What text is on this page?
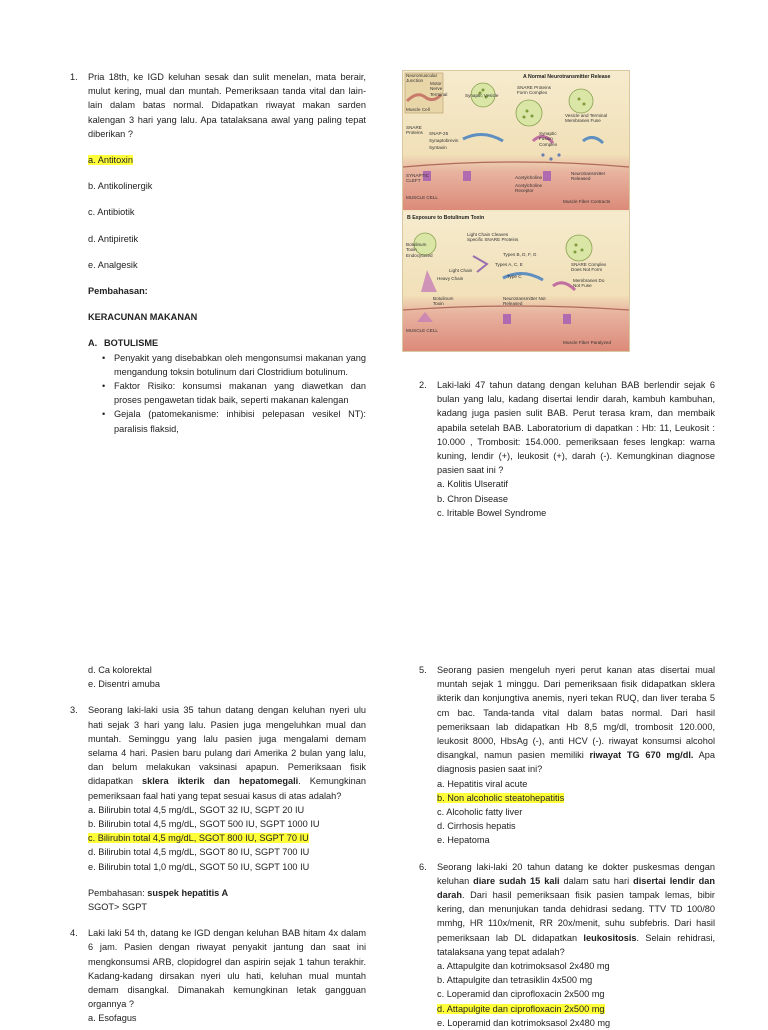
1.	Pria 18th, ke IGD keluhan sesak dan sulit menelan, mata berair, mulut kering, mual dan muntah. Pemeriksaan tanda vital dan lain-lain dalam batas normal. Didapatkan riwayat makan sarden kalengan 3 hari yang lalu. Apa tatalaksana awal yang paling tepat diberikan ?

a. Antitoxin

b. Antikolinergik

c. Antibiotik

d. Antipiretik

e. Analgesik

Pembahasan:

KERACUNAN MAKANAN

A. BOTULISME

• Penyakit yang disebabkan oleh mengonsumsi makanan yang mengandung toksin botulinum dari Clostridium botulinum.
• Faktor Risiko: konsumsi makanan yang diawetkan dan proses pengawetan tidak baik, seperti makanan kalengan
• Gejala (patomekanisme: inhibisi pelepasan vesikel NT): paralisis flaksid,
A Normal Neurotransmitter Release
Neuromuscular Junction
Motor Nerve Terminal
Muscle Cell
Synaptic Vesicle
SNARE Proteins Form Complex
Vesicle and Terminal Membranes Fuse
SNARE Proteins	SNAP-25
Synaptobrevin
Syntaxin
Synaptic Fusion Complex
Neurotransmitter Released
Acetylcholine
Acetylcholine Receptor
Muscle Fiber Contracts
SYNAPTIC CLEFT
MUSCLE CELL
B Exposure to Botulinum Toxin
Botulinum Toxin Endocytosed
Light Chain Cleaves Specific SNARE Proteins
Types B, D, F, G
Types A, C, E
Type C
Light Chain
Heavy Chain
SNARE Complex Does Not Form
Membranes Do Not Fuse
Botulinum Toxin
Neurotransmitter Not Released
Muscle Fiber Paralyzed
MUSCLE CELL
2.	Laki-laki 47 tahun datang dengan keluhan BAB berlendir sejak 6 bulan yang lalu, kadang disertai lendir darah, kambuh kambuhan, kadang juga pasien sulit BAB. Perut terasa kram, dan membaik apabila setelah BAB. Laboratorium di dapatkan : Hb: 11, Leukosit : 10.000 , Trombosit: 154.000. pemeriksaan feses lengkap: warna kuning, lendir (+), leukosit (+), darah (-). Kemungkinan diagnose pasien saat ini ?

a. Kolitis Ulseratif

b. Chron Disease

c. Iritable Bowel Syndrome

d. Ca kolorektal

e. Disentri amuba

3.	Seorang laki-laki usia 35 tahun datang dengan keluhan nyeri ulu hati sejak 3 hari yang lalu. Pasien juga mengeluhkan mual dan muntah. Seminggu yang lalu pasien juga mengalami demam selama 4 hari. Pasien baru pulang dari Amerika 2 bulan yang lalu, dan belum melakukan vaksinasi apapun. Pemeriksaan fisik didapatkan sklera ikterik dan hepatomegali. Kemungkinan pemeriksaan faal hati yang tepat sesuai kasus di atas adalah?

a. Bilirubin total 4,5 mg/dL, SGOT 32 IU, SGPT 20 IU

b. Bilirubin total 4,5 mg/dL, SGOT 500 IU, SGPT 1000 IU

c. Bilirubin total 4,5 mg/dL, SGOT 800 IU, SGPT 70 IU

d. Bilirubin total 4,5 mg/dL, SGOT 80 IU, SGPT 700 IU

e. Bilirubin total 1,0 mg/dL, SGOT 50 IU, SGPT 100 IU

Pembahasan: suspek hepatitis A

SGOT> SGPT

4.	Laki laki 54 th, datang ke IGD dengan keluhan BAB hitam 4x dalam 6 jam. Pasien dengan riwayat penyakit jantung dan saat ini mengkonsumsi ARB, clopidogrel dan aspirin sejak 1 tahun terakhir. Kadang-kadang dirsakan nyeri ulu hati, keluhan mual muntah demam disangkal. Dimanakah kemungkinan letak gangguan organnya ?

a. Esofagus

5.	Seorang pasien mengeluh nyeri perut kanan atas disertai mual muntah sejak 1 minggu. Dari pemeriksaan fisik didapatkan sklera ikterik dan konjungtiva anemis, nyeri tekan RUQ, dan liver teraba 5 cm bac. Tanda-tanda vital dalam batas normal. Dari hasil pemeriksaan lab didapatkan Hb 8,5 mg/dl, trombosit 120.000, leukosit 8000, HbsAg (-), anti HCV (-). riwayat konsumsi alcohol disangkal, namun pasien memiliki riwayat TG 670 mg/dl. Apa diagnosis pasien saat ini?

a. Hepatitis viral acute

b. Non alcoholic steatohepatitis

c. Alcoholic fatty liver

d. Cirrhosis hepatis

e. Hepatoma

6.	Seorang laki-laki 20 tahun datang ke dokter puskesmas dengan keluhan diare sudah 15 kali dalam satu hari disertai lendir dan darah. Dari hasil pemeriksaan fisik pasien tampak lemas, bibir kering, dan menunjukan tanda dehidrasi sedang. TTV TD 100/80 mmhg, HR 110x/menit, RR 20x/menit, suhu subfebris. Dari hasil pemeriksaan lab DL didapatkan leukositosis. Selain rehidrasi, tatalaksana yang tepat adalah?

a. Attapulgite dan kotrimoksasol 2x480 mg

b. Attapulgite dan tetrasiklin 4x500 mg

c. Loperamid dan ciprofloxacin 2x500 mg

d. Attapulgite dan ciprofloxacin 2x500 mg

e. Loperamid dan kotrimoksasol 2x480 mg
